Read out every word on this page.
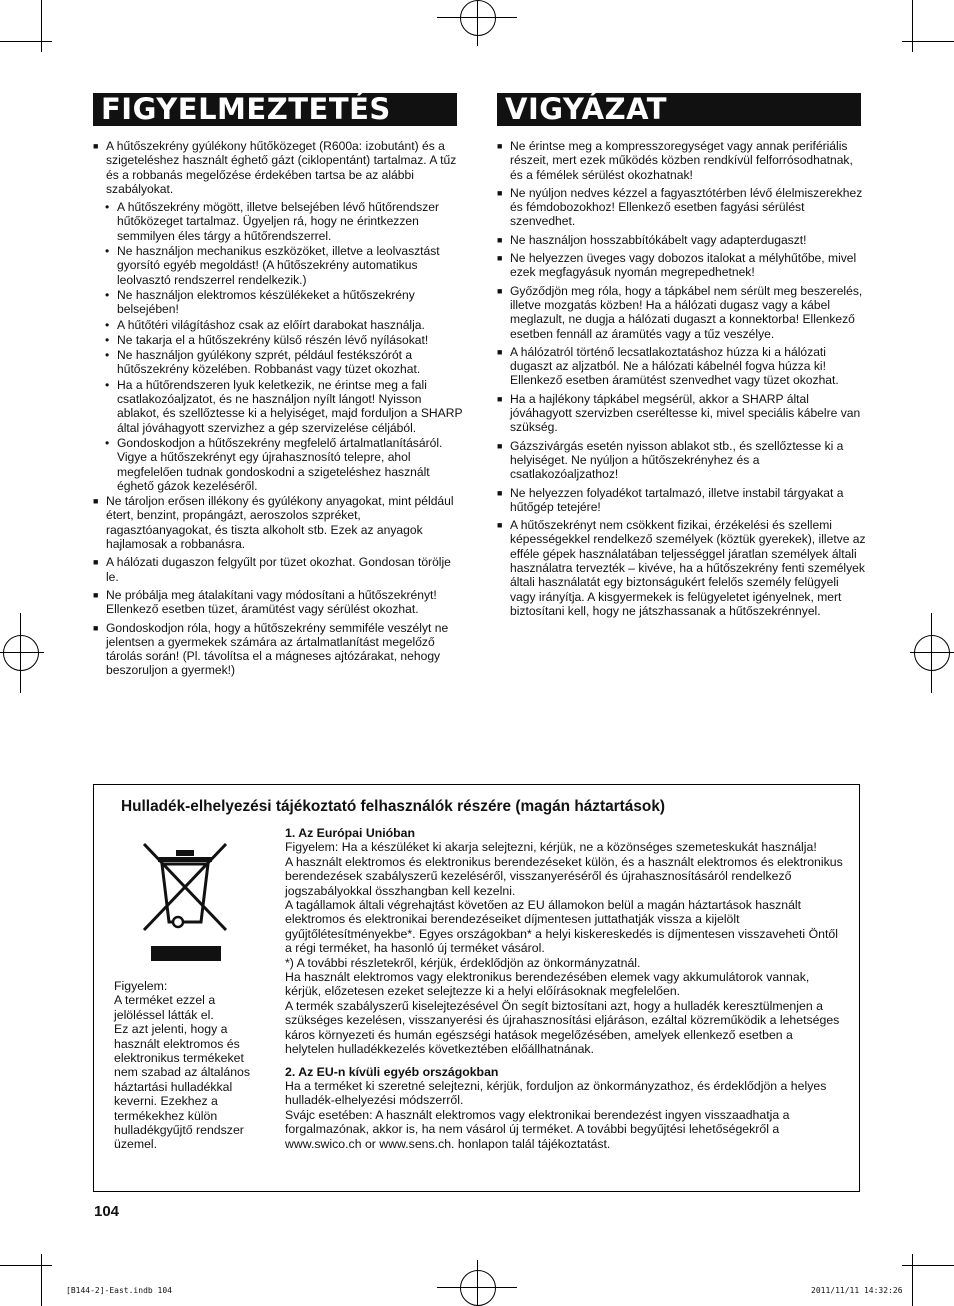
FIGYELMEZTETÉS	VIGYÁZAT
■ A hűtőszekrény gyúlékony hűtőközeget (R600a: izobutánt) és a szigeteléshez használt éghető gázt (ciklopentánt) tartalmaz. A tűz és a robbanás megelőzése érdekében tartsa be az alábbi szabályokat.
• A hűtőszekrény mögött, illetve belsejében lévő hűtőrendszer hűtőközeget tartalmaz. Ügyeljen rá, hogy ne érintkezzen semmilyen éles tárgy a hűtőrendszerrel.
• Ne használjon mechanikus eszközöket, illetve a leolvasztást gyorsító egyéb megoldást! (A hűtőszekrény automatikus leolvasztó rendszerrel rendelkezik.)
• Ne használjon elektromos készülékeket a hűtőszekrény belsejében!
• A hűtőtéri világításhoz csak az előírt darabokat használja.
• Ne takarja el a hűtőszekrény külső részén lévő nyílásokat!
• Ne használjon gyúlékony szprét, például festékszórót a hűtőszekrény közelében. Robbanást vagy tüzet okozhat.
• Ha a hűtőrendszeren lyuk keletkezik, ne érintse meg a fali csatlakozóaljzatot, és ne használjon nyílt lángot! Nyisson ablakot, és szellőztesse ki a helyiséget, majd forduljon a SHARP által jóváhagyott szervizhez a gép szervizelése céljából.
• Gondoskodjon a hűtőszekrény megfelelő ártalmatlanításáról. Vigye a hűtőszekrényt egy újrahasznosító telepre, ahol megfelelően tudnak gondoskodni a szigeteléshez használt éghető gázok kezeléséről.
■ Ne tároljon erősen illékony és gyúlékony anyagokat, mint például étert, benzint, propángázt, aeroszolos szpréket, ragasztóanyagokat, és tiszta alkoholt stb. Ezek az anyagok hajlamosak a robbanásra.
■ A hálózati dugaszon felgyűlt por tüzet okozhat. Gondosan törölje le.
■ Ne próbálja meg átalakítani vagy módosítani a hűtőszekrényt! Ellenkező esetben tüzet, áramütést vagy sérülést okozhat.
■ Gondoskodjon róla, hogy a hűtőszekrény semmiféle veszélyt ne jelentsen a gyermekek számára az ártalmatlanítást megelőző tárolás során! (Pl. távolítsa el a mágneses ajtózárakat, nehogy beszoruljon a gyermek!)
■ Ne érintse meg a kompresszoregységet vagy annak perifériális részeit, mert ezek működés közben rendkívül felforrósodhatnak, és a fémélek sérülést okozhatnak!
■ Ne nyúljon nedves kézzel a fagyasztótérben lévő élelmiszerekhez és fémdobozokhoz! Ellenkező esetben fagyási sérülést szenvedhet.
■ Ne használjon hosszabbítókábelt vagy adapterdugaszt!
■ Ne helyezzen üveges vagy dobozos italokat a mélyhűtőbe, mivel ezek megfagyásuk nyomán megrepedhetnek!
■ Győződjön meg róla, hogy a tápkábel nem sérült meg beszerelés, illetve mozgatás közben! Ha a hálózati dugasz vagy a kábel meglazult, ne dugja a hálózati dugaszt a konnektorba! Ellenkező esetben fennáll az áramütés vagy a tűz veszélye.
■ A hálózatról történő lecsatlakoztatáshoz húzza ki a hálózati dugaszt az aljzatból. Ne a hálózati kábelnél fogva húzza ki! Ellenkező esetben áramütést szenvedhet vagy tüzet okozhat.
■ Ha a hajlékony tápkábel megsérül, akkor a SHARP által jóváhagyott szervizben cseréltesse ki, mivel speciális kábelre van szükség.
■ Gázszivárgás esetén nyisson ablakot stb., és szellőztesse ki a helyiséget. Ne nyúljon a hűtőszekrényhez és a csatlakozóaljzathoz!
■ Ne helyezzen folyadékot tartalmazó, illetve instabil tárgyakat a hűtőgép tetejére!
■ A hűtőszekrényt nem csökkent fizikai, érzékelési és szellemi képességekkel rendelkező személyek (köztük gyerekek), illetve az efféle gépek használatában teljességgel járatlan személyek általi használatra tervezték – kivéve, ha a hűtőszekrény fenti személyek általi használatát egy biztonságukért felelős személy felügyeli vagy irányítja. A kisgyermekek is felügyeletet igényelnek, mert biztosítani kell, hogy ne játszhassanak a hűtőszekrénnyel.
Hulladék-elhelyezési tájékoztató felhasználók részére (magán háztartások)
Figyelem:
A terméket ezzel a jelöléssel látták el.
Ez azt jelenti, hogy a használt elektromos és elektronikus termékeket nem szabad az általános háztartási hulladékkal keverni. Ezekhez a termékekhez külön hulladékgyűjtő rendszer üzemel.

1. Az Európai Unióban

Figyelem: Ha a készüléket ki akarja selejtezni, kérjük, ne a közönséges szemeteskukát használja!

A használt elektromos és elektronikus berendezéseket külön, és a használt elektromos és elektronikus berendezések szabályszerű kezeléséről, visszanyeréséről és újrahasznosításáról rendelkező jogszabályokkal összhangban kell kezelni.

A tagállamok általi végrehajtást követően az EU államokon belül a magán háztartások használt elektromos és elektronikai berendezéseiket díjmentesen juttathatják vissza a kijelölt gyűjtőlétesítményekbe*. Egyes országokban* a helyi kiskereskedés is díjmentesen visszaveheti Öntől a régi terméket, ha hasonló új terméket vásárol.

*) A további részletekről, kérjük, érdeklődjön az önkormányzatnál.

Ha használt elektromos vagy elektronikus berendezésében elemek vagy akkumulátorok vannak, kérjük, előzetesen ezeket selejtezze ki a helyi előírásoknak megfelelően.

A termék szabályszerű kiselejtezésével Ön segít biztosítani azt, hogy a hulladék keresztülmenjen a szükséges kezelésen, visszanyerési és újrahasznosítási eljáráson, ezáltal közreműködik a lehetséges káros környezeti és humán egészségi hatások megelőzésében, amelyek ellenkező esetben a helytelen hulladékkezelés következtében előállhatnának.

2. Az EU-n kívüli egyéb országokban

Ha a terméket ki szeretné selejtezni, kérjük, forduljon az önkormányzathoz, és érdeklődjön a helyes hulladék-elhelyezési módszerről.

Svájc esetében: A használt elektromos vagy elektronikai berendezést ingyen visszaadhatja a forgalmazónak, akkor is, ha nem vásárol új terméket. A további begyűjtési lehetőségekről a www.swico.ch or www.sens.ch. honlapon talál tájékoztatást.

104
[B144-2]-East.indb 104	2011/11/11 14:32:26
